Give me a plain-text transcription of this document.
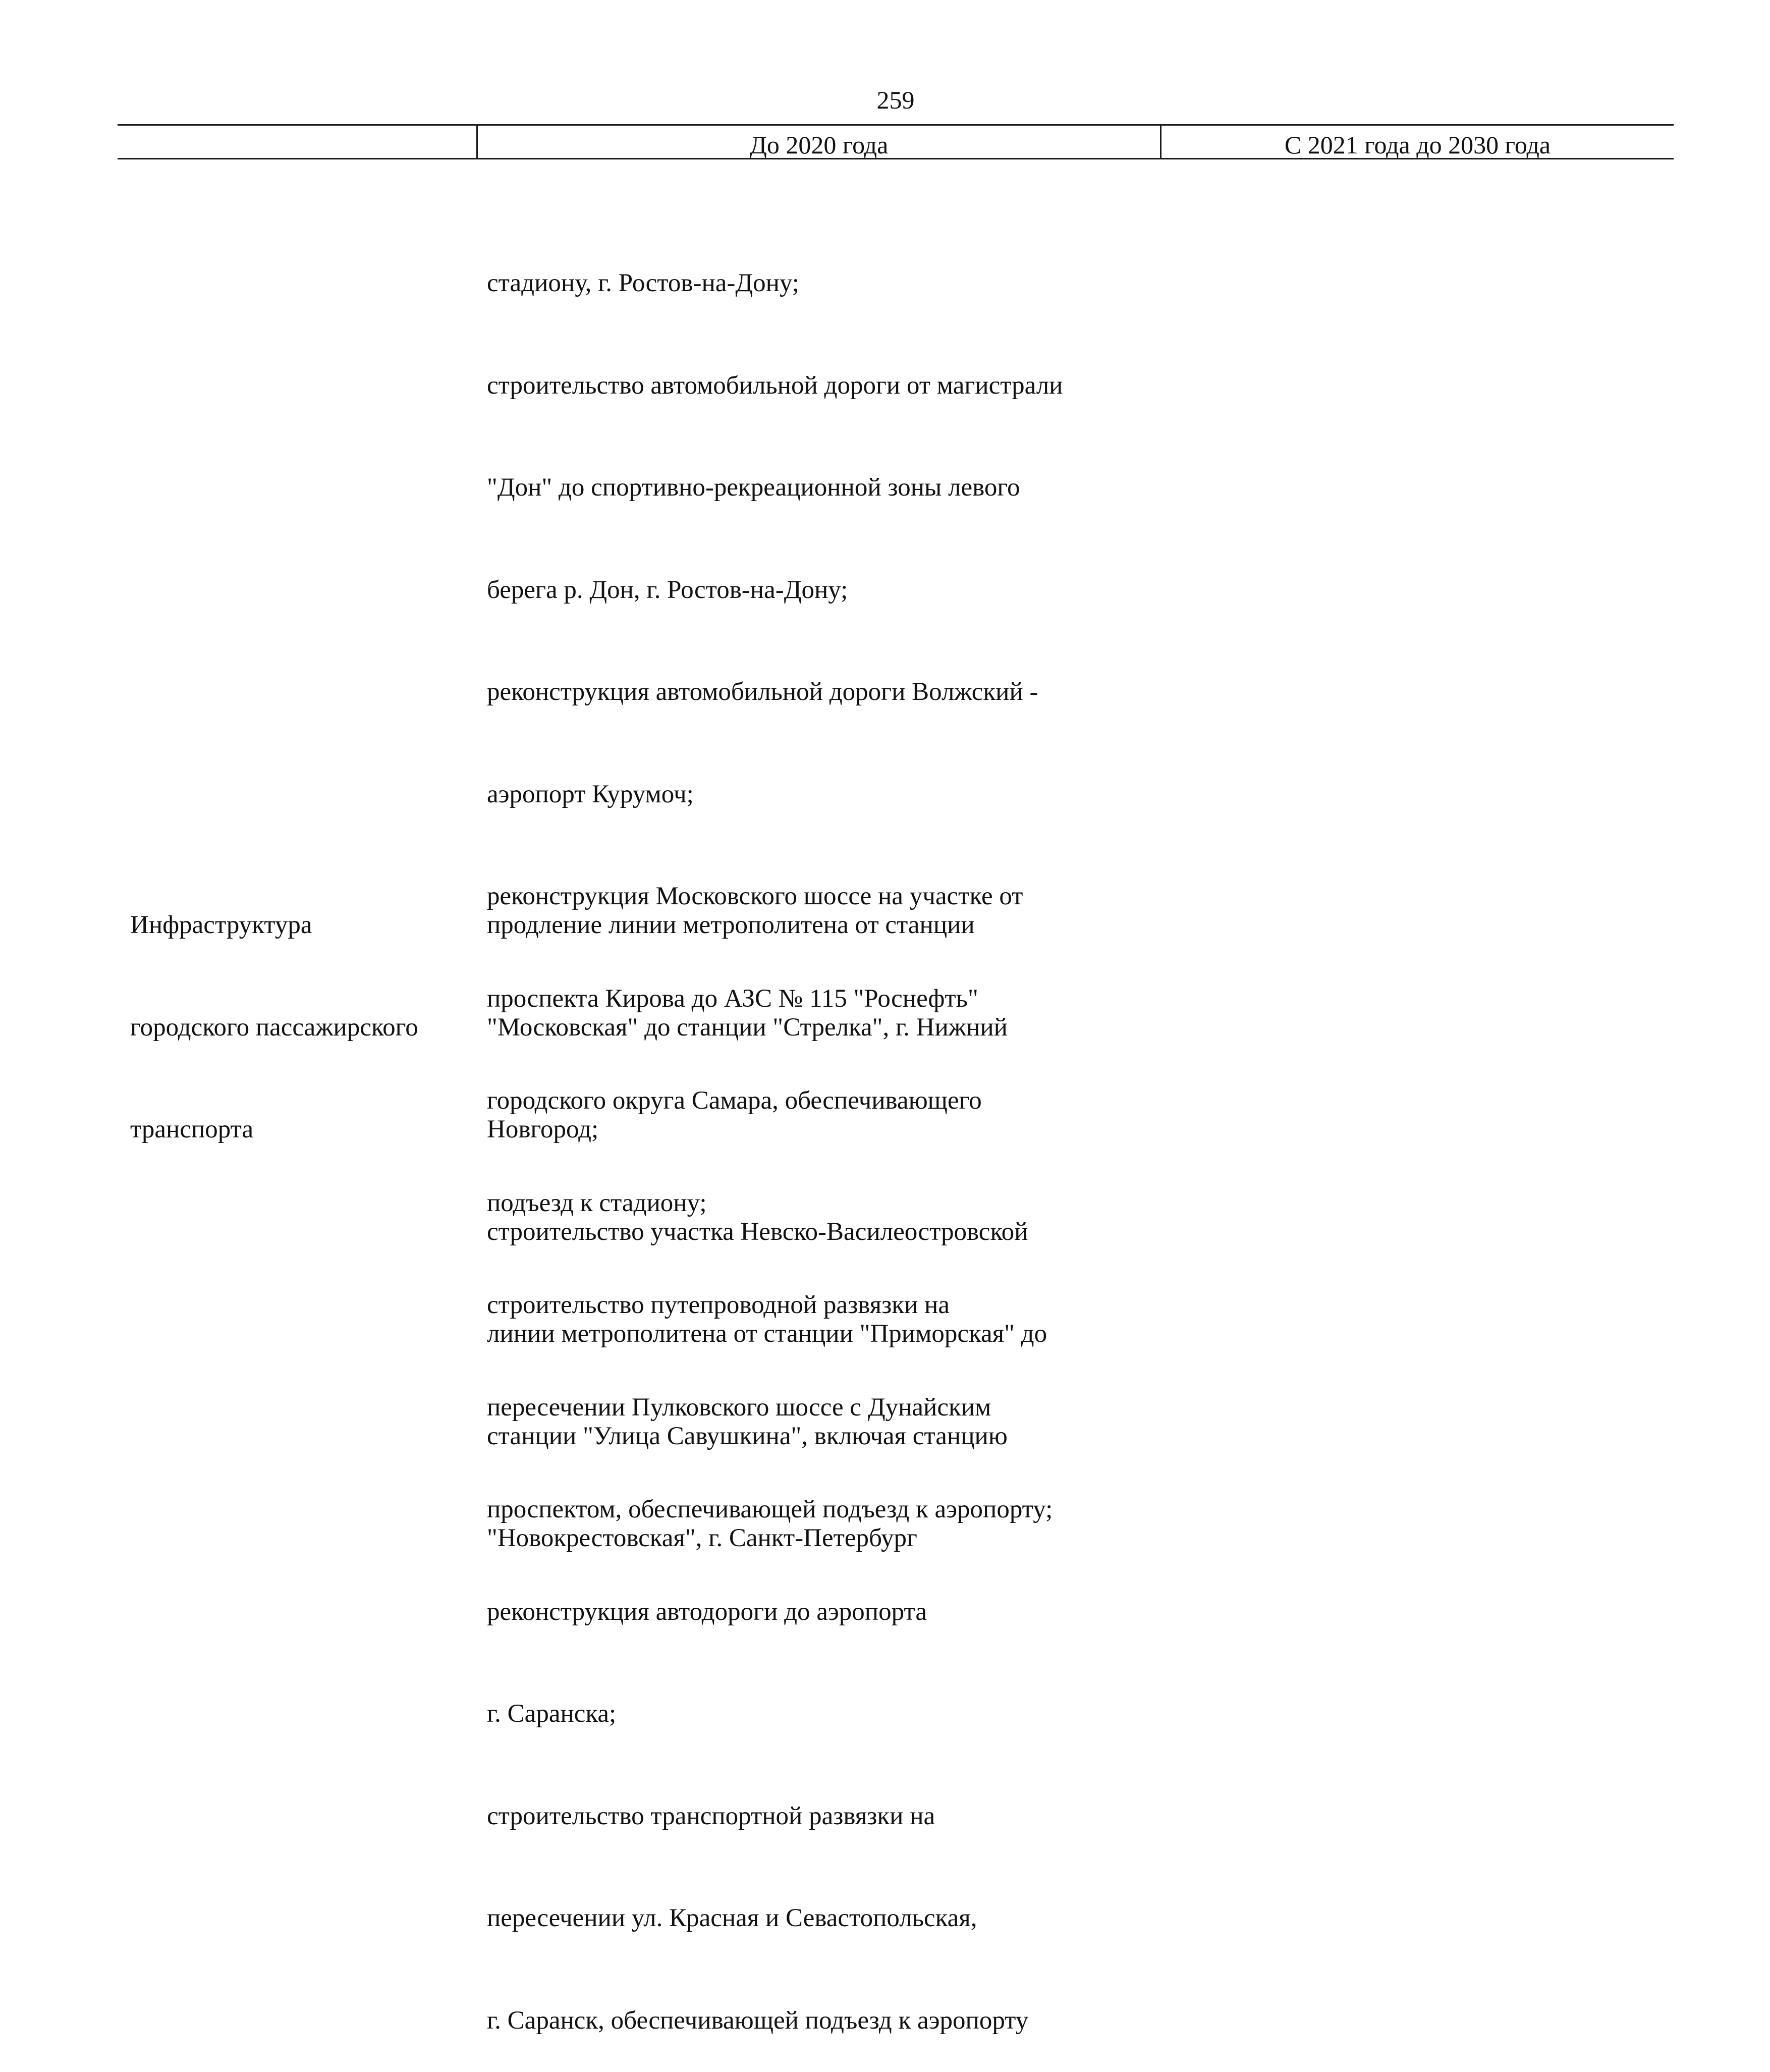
259
До 2020 года	С 2021 года до 2030 года

стадиону, г. Ростов-на-Дону;

строительство автомобильной дороги от магистрали

"Дон" до спортивно-рекреационной зоны левого

берега р. Дон, г. Ростов-на-Дону;

реконструкция автомобильной дороги Волжский -

аэропорт Курумоч;

реконструкция Московского шоссе на участке от

проспекта Кирова до АЗС № 115 "Роснефть"

городского округа Самара, обеспечивающего

подъезд к стадиону;

строительство путепроводной развязки на

пересечении Пулковского шоссе с Дунайским

проспектом, обеспечивающей подъезд к аэропорту;

реконструкция автодороги до аэропорта

г. Саранска;

строительство транспортной развязки на

пересечении ул. Красная и Севастопольская,

г. Саранск, обеспечивающей подъезд к аэропорту

Инфраструктура

городского пассажирского

транспорта

продление линии метрополитена от станции

"Московская" до станции "Стрелка", г. Нижний

Новгород;

строительство участка Невско-Василеостровской

линии метрополитена от станции "Приморская" до

станции "Улица Савушкина", включая станцию

"Новокрестовская", г. Санкт-Петербург
